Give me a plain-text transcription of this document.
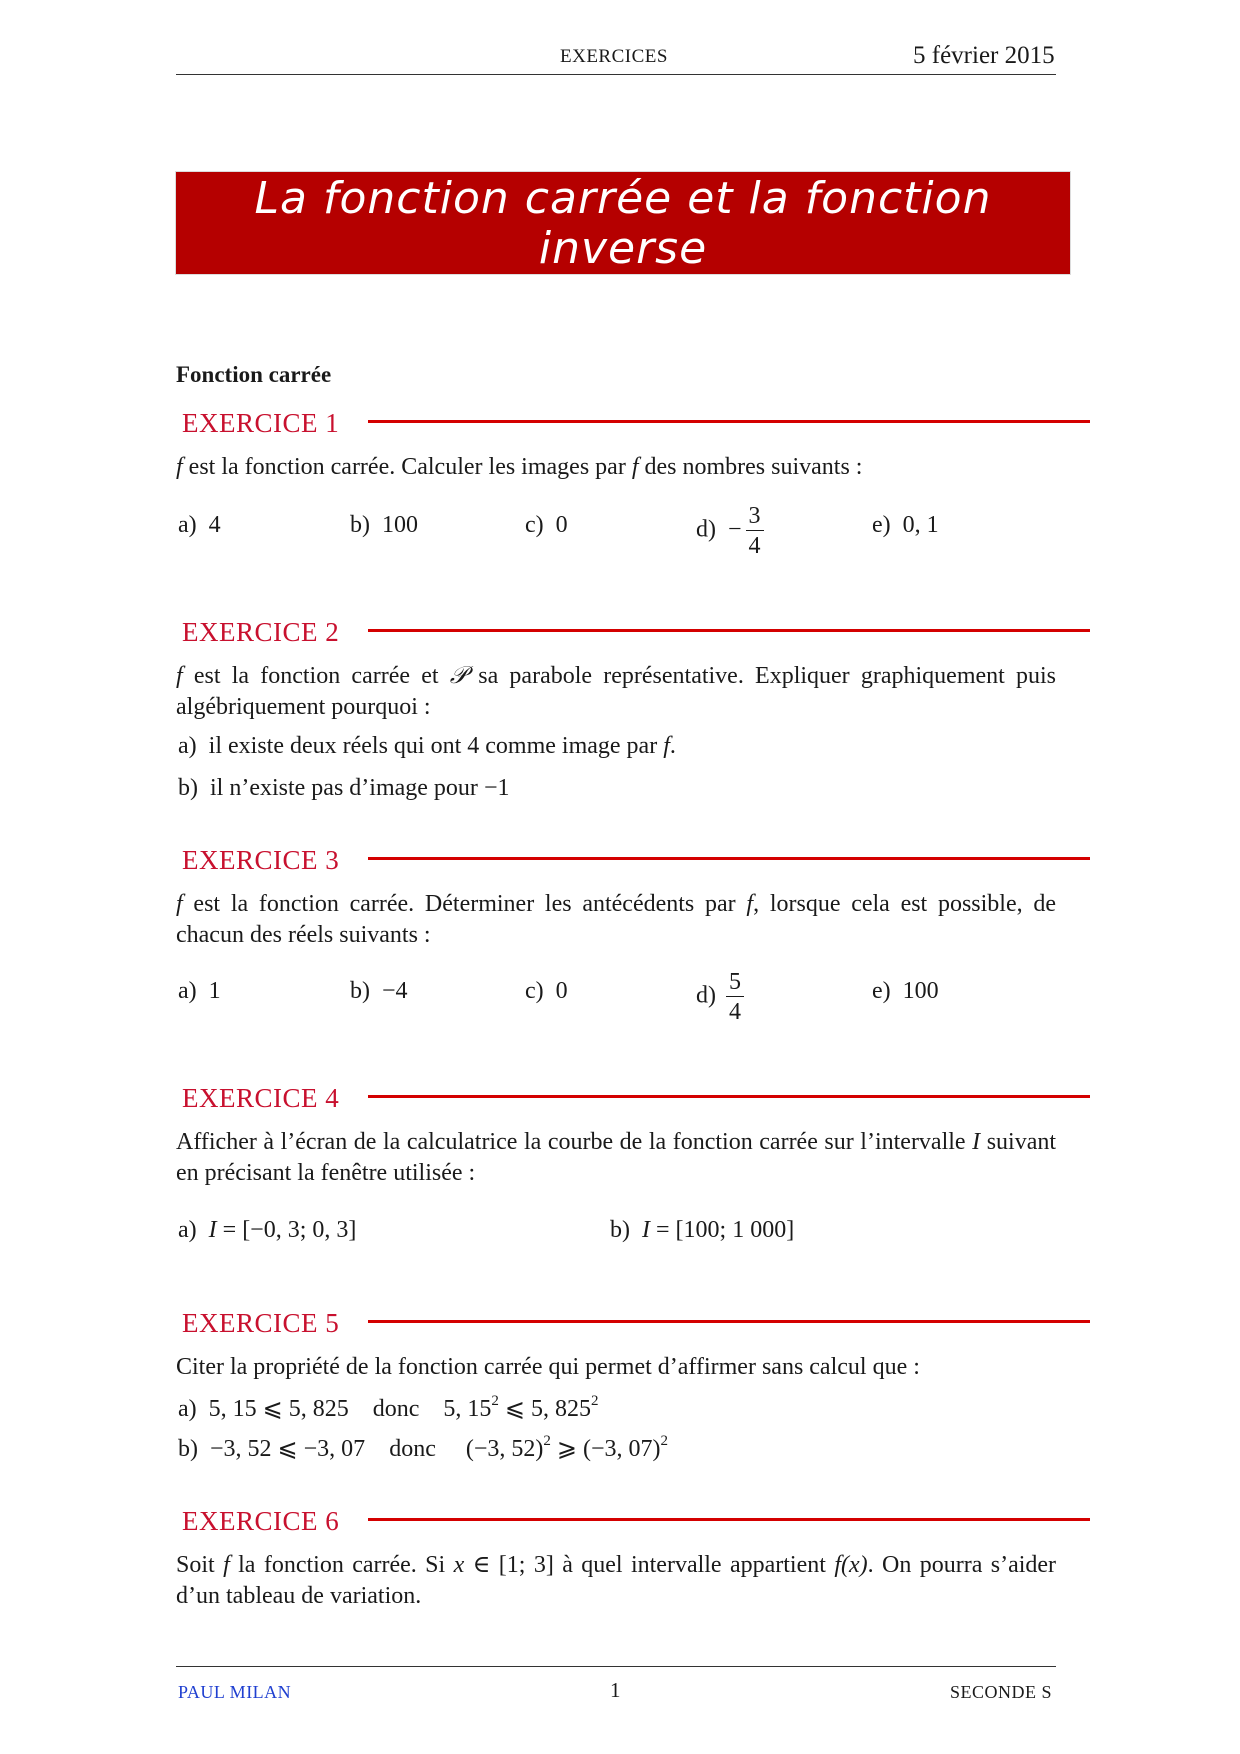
EXERCICES	5 février 2015
La fonction carrée et la fonction
inverse
Fonction carrée
EXERCICE 1
f est la fonction carrée. Calculer les images par f des nombres suivants :
a) 4	b) 100	c) 0	$d) - \frac{3}{4}$	e) 0, 1
EXERCICE 2
f est la fonction carrée et 𝒫 sa parabole représentative. Expliquer graphiquement puis algébriquement pourquoi :
a) il existe deux réels qui ont 4 comme image par f.
b) il n’existe pas d’image pour −1
EXERCICE 3
f est la fonction carrée. Déterminer les antécédents par f, lorsque cela est possible, de chacun des réels suivants :
a) 1	b) −4	c) 0	$d) \frac{5}{4}$	e) 100
EXERCICE 4
Afficher à l’écran de la calculatrice la courbe de la fonction carrée sur l’intervalle I suivant en précisant la fenêtre utilisée :
a) I = [−0, 3; 0, 3]	b) I = [100; 1 000]
EXERCICE 5
Citer la propriété de la fonction carrée qui permet d’affirmer sans calcul que :
a) 5, 15 ⩽ 5, 825 donc 5, $15^2$ ⩽ 5, $825^2$
b) −3, 52 ⩽ −3, 07 donc (−3, 52)$^2$ ⩾ (−3, 07)$^2$
EXERCICE 6
Soit f la fonction carrée. Si x ∈ [1; 3] à quel intervalle appartient f(x). On pourra s’aider d’un tableau de variation.
PAUL MILAN	1	SECONDE S
